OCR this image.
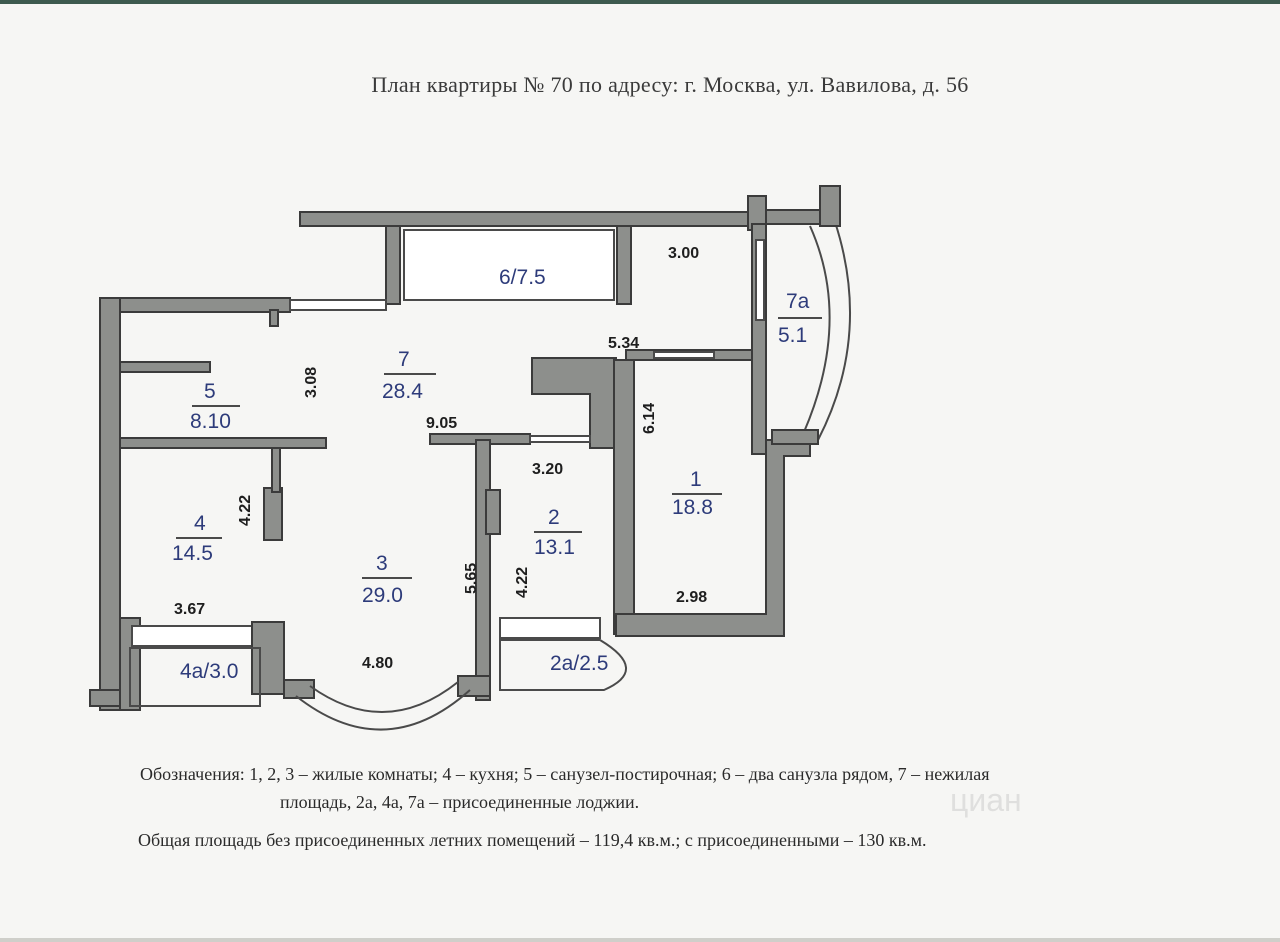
План квартиры № 70 по адресу: г. Москва, ул. Вавилова, д. 56
3.00
5.34
3.08
9.05	6.14
3.20
4.22
5.65 4.22
3.67
4.80
2.98
6/7.5
7a
5.1
7
28.4
5
8.10
4
14.5	3
29.0
2
13.1
1
18.8
4a/3.0	2a/2.5
Обозначения: 1, 2, 3 – жилые комнаты; 4 – кухня; 5 – санузел-постирочная; 6 – два санузла рядом, 7 – нежилая
площадь, 2а, 4а, 7а – присоединенные лоджии.
Общая площадь без присоединенных летних помещений – 119,4 кв.м.; с присоединенными – 130 кв.м.
циан
